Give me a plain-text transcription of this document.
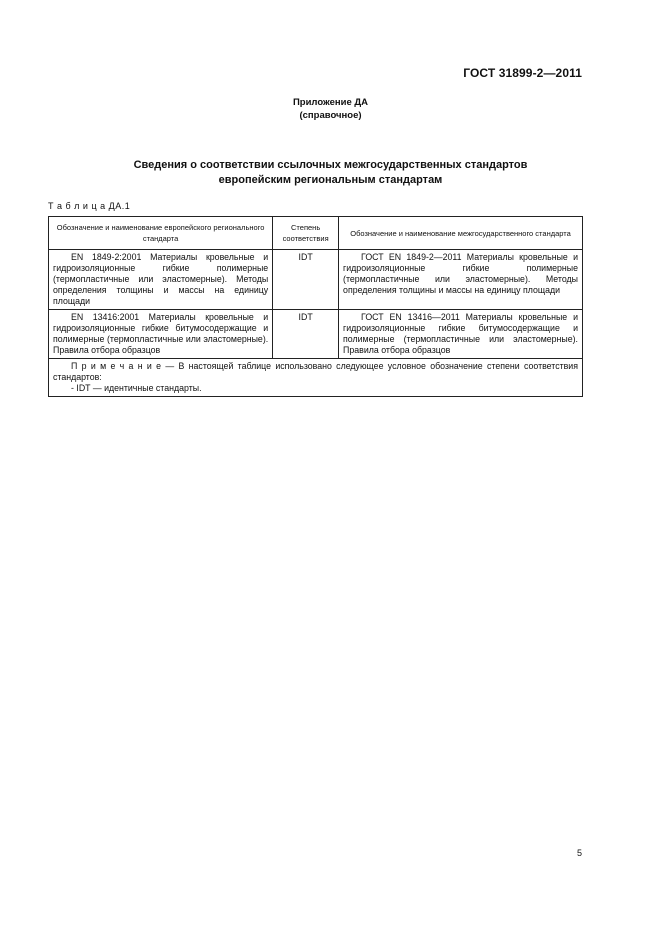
ГОСТ 31899-2—2011
Приложение ДА
(справочное)
Сведения о соответствии ссылочных межгосударственных стандартов
европейским региональным стандартам
Т а б л и ц а ДА.1
Обозначение и наименование европейского регионального стандарта	Степень соответствия	Обозначение и наименование межгосударственного стандарта
EN 1849-2:2001 Материалы кровельные и гидроизоляционные гибкие полимерные (термопластичные или эластомерные). Методы определения толщины и массы на единицу площади	IDT	ГОСТ EN 1849-2—2011 Материалы кровельные и гидроизоляционные гибкие полимерные (термопластичные или эластомерные). Методы определения толщины и массы на единицу площади
EN 13416:2001 Материалы кровельные и гидроизоляционные гибкие битумосодержащие и полимерные (термопластичные или эластомерные). Правила отбора образцов	IDT	ГОСТ EN 13416—2011 Материалы кровельные и гидроизоляционные гибкие битумосодержащие и полимерные (термопластичные или эластомерные). Правила отбора образцов

П р и м е ч а н и е — В настоящей таблице использовано следующее условное обозначение степени соответствия стандартов:
- IDT — идентичные стандарты.		
5
